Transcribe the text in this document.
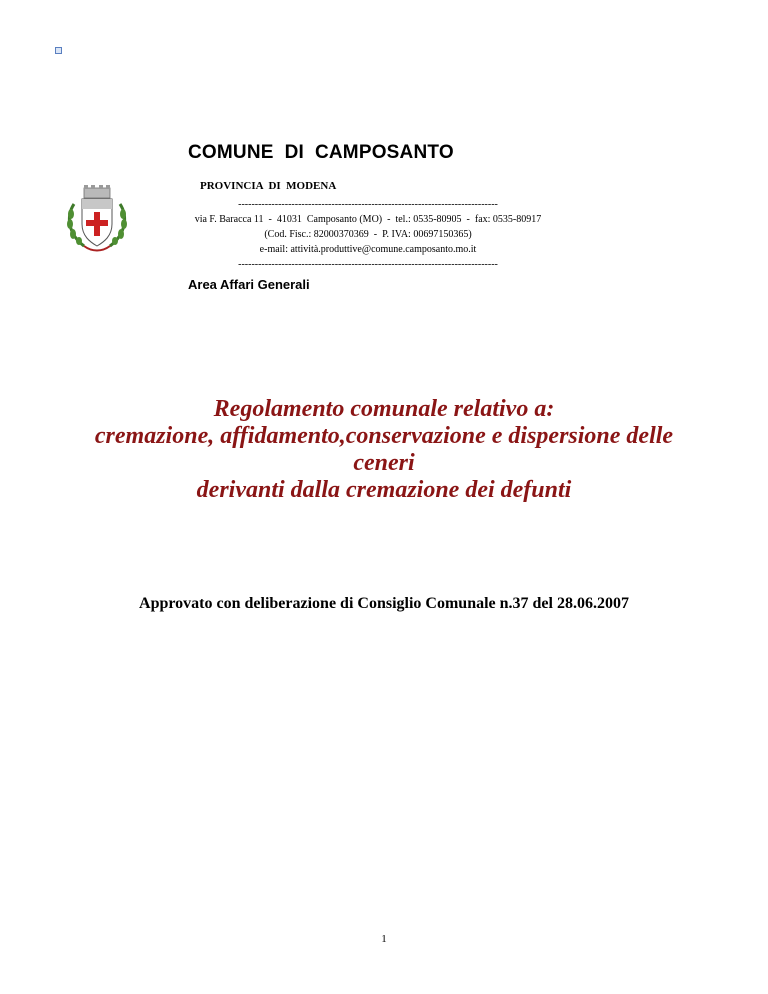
COMUNE  DI  CAMPOSANTO
PROVINCIA  DI  MODENA
------------------------------------------------------------------------------
via F. Baracca 11  -  41031  Camposanto (MO)  -  tel.: 0535-80905  -  fax: 0535-80917
(Cod. Fisc.: 82000370369  -  P. IVA: 00697150365)
e-mail: attività.produttive@comune.camposanto.mo.it
------------------------------------------------------------------------------
Area Affari Generali
Regolamento comunale relativo a:
cremazione, affidamento,conservazione e dispersione delle
ceneri
derivanti dalla cremazione dei defunti
Approvato con deliberazione di Consiglio Comunale n.37 del 28.06.2007
1
